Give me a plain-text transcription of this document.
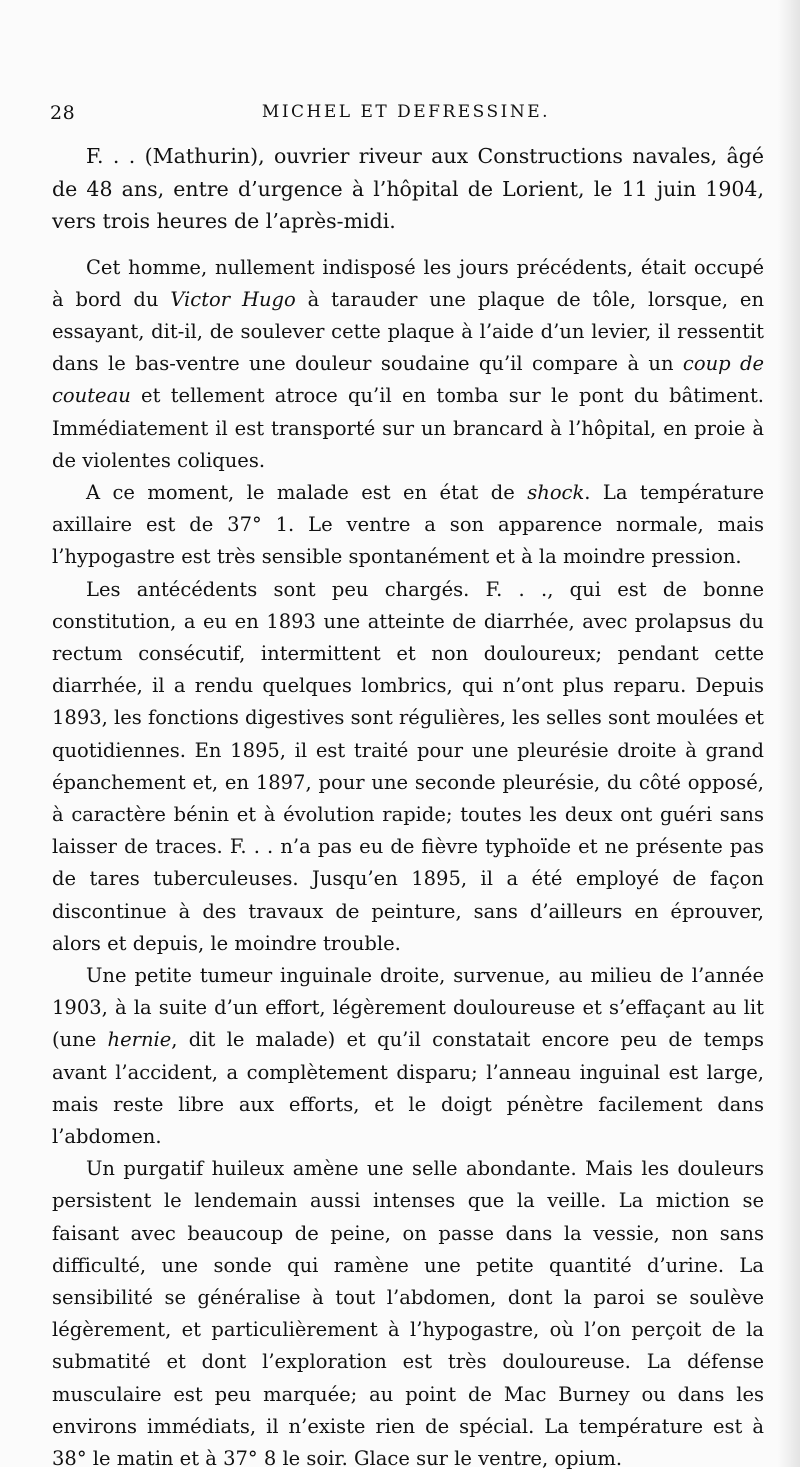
28	MICHEL ET DEFRESSINE.

F. . . (Mathurin), ouvrier riveur aux Constructions navales, âgé de 48 ans, entre d’urgence à l’hôpital de Lorient, le 11 juin 1904, vers trois heures de l’après-midi.

Cet homme, nullement indisposé les jours précédents, était occupé à bord du Victor Hugo à tarauder une plaque de tôle, lorsque, en essayant, dit-il, de soulever cette plaque à l’aide d’un levier, il ressentit dans le bas-ventre une douleur soudaine qu’il compare à un coup de couteau et tellement atroce qu’il en tomba sur le pont du bâtiment. Immédiatement il est transporté sur un brancard à l’hôpital, en proie à de violentes coliques.

A ce moment, le malade est en état de shock. La température axillaire est de 37° 1. Le ventre a son apparence normale, mais l’hypogastre est très sensible spontanément et à la moindre pression.

Les antécédents sont peu chargés. F. . ., qui est de bonne constitution, a eu en 1893 une atteinte de diarrhée, avec prolapsus du rectum consécutif, intermittent et non douloureux; pendant cette diarrhée, il a rendu quelques lombrics, qui n’ont plus reparu. Depuis 1893, les fonctions digestives sont régulières, les selles sont moulées et quotidiennes. En 1895, il est traité pour une pleurésie droite à grand épanchement et, en 1897, pour une seconde pleurésie, du côté opposé, à caractère bénin et à évolution rapide; toutes les deux ont guéri sans laisser de traces. F. . . n’a pas eu de fièvre typhoïde et ne présente pas de tares tuberculeuses. Jusqu’en 1895, il a été employé de façon discontinue à des travaux de peinture, sans d’ailleurs en éprouver, alors et depuis, le moindre trouble.

Une petite tumeur inguinale droite, survenue, au milieu de l’année 1903, à la suite d’un effort, légèrement douloureuse et s’effaçant au lit (une hernie, dit le malade) et qu’il constatait encore peu de temps avant l’accident, a complètement disparu; l’anneau inguinal est large, mais reste libre aux efforts, et le doigt pénètre facilement dans l’abdomen.

Un purgatif huileux amène une selle abondante. Mais les douleurs persistent le lendemain aussi intenses que la veille. La miction se faisant avec beaucoup de peine, on passe dans la vessie, non sans difficulté, une sonde qui ramène une petite quantité d’urine. La sensibilité se généralise à tout l’abdomen, dont la paroi se soulève légèrement, et particulièrement à l’hypogastre, où l’on perçoit de la submatité et dont l’exploration est très douloureuse. La défense musculaire est peu marquée; au point de Mac Burney ou dans les environs immédiats, il n’existe rien de spécial. La température est à 38° le matin et à 37° 8 le soir. Glace sur le ventre, opium.
